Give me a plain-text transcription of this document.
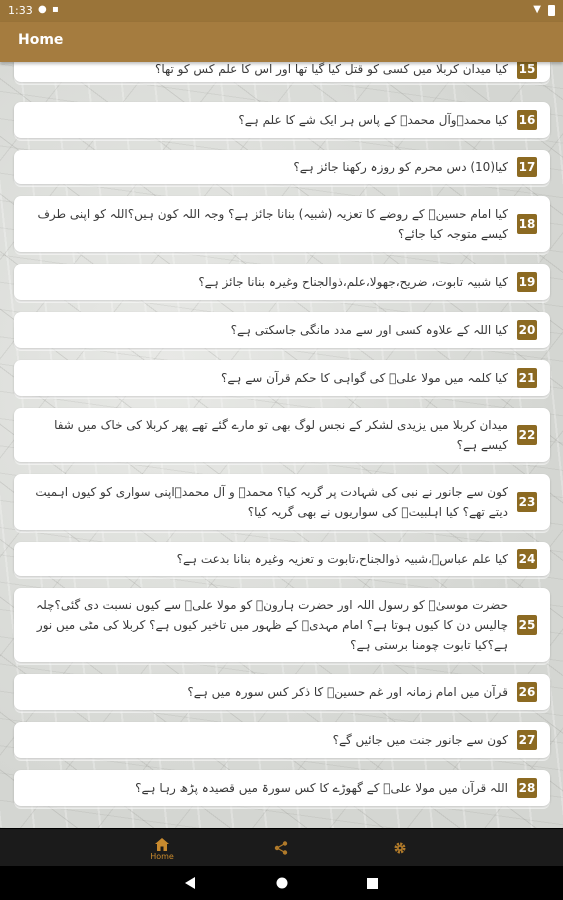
1:33 ● ▪	▼
Home
کیا میدان کربلا میں کسی کو قتل کیا گیا تھا اور اس کا علم کس کو تھا؟ 15
کیا محمدؐوآل محمدؐ کے پاس ہر ایک شے کا علم ہے؟ 16
کیا(10) دس محرم کو روزہ رکھنا جائز ہے؟ 17
کیا امام حسینؑ کے روضے کا تعزیہ (شبیہ) بنانا جائز ہے؟ وجہ اللہ کون ہیں؟اللہ کو اپنی طرف کیسے متوجہ کیا جائے؟
18
کیا شبیہ تابوت، ضریح،جھولا،علم،ذوالجناح وغیرہ بنانا جائز ہے؟ 19
کیا اللہ کے علاوہ کسی اور سے مدد مانگی جاسکتی ہے؟ 20
کیا کلمہ میں مولا علیؑ کی گواہی کا حکم قرآن سے ہے؟ 21
میدان کربلا میں یزیدی لشکر کے نجس لوگ بھی تو مارے گئے تھے پھر کربلا کی خاک میں شفا کیسے ہے؟
22
کون سے جانور نے نبی کی شہادت پر گریہ کیا؟ محمدؐ و آل محمدؐاپنی سواری کو کیوں اہمیت دیتے تھے؟ کیا اہلبیتؑ کی سواریوں نے بھی گریہ کیا؟
23
کیا علم عباسؑ،شبیہ ذوالجناح،تابوت و تعزیہ وغیرہ بنانا بدعت ہے؟ 24
حضرت موسیٰؑ کو رسول اللہ اور حضرت ہارونؑ کو مولا علیؑ سے کیوں نسبت دی گئی؟چلہ چالیس دن کا کیوں ہوتا ہے؟ امام مہدیؑ کے ظہور میں تاخیر کیوں ہے؟ کربلا کی مٹی میں نور ہے؟کیا تابوت چومنا برستی ہے؟
25
قرآن میں امام زمانہ اور غم حسینؑ کا ذکر کس سورہ میں ہے؟ 26
کون سے جانور جنت میں جائیں گے؟ 27
اللہ قرآن میں مولا علیؑ کے گھوڑے کا کس سورۃ میں قصیدہ پڑھ رہا ہے؟ 28
Home
